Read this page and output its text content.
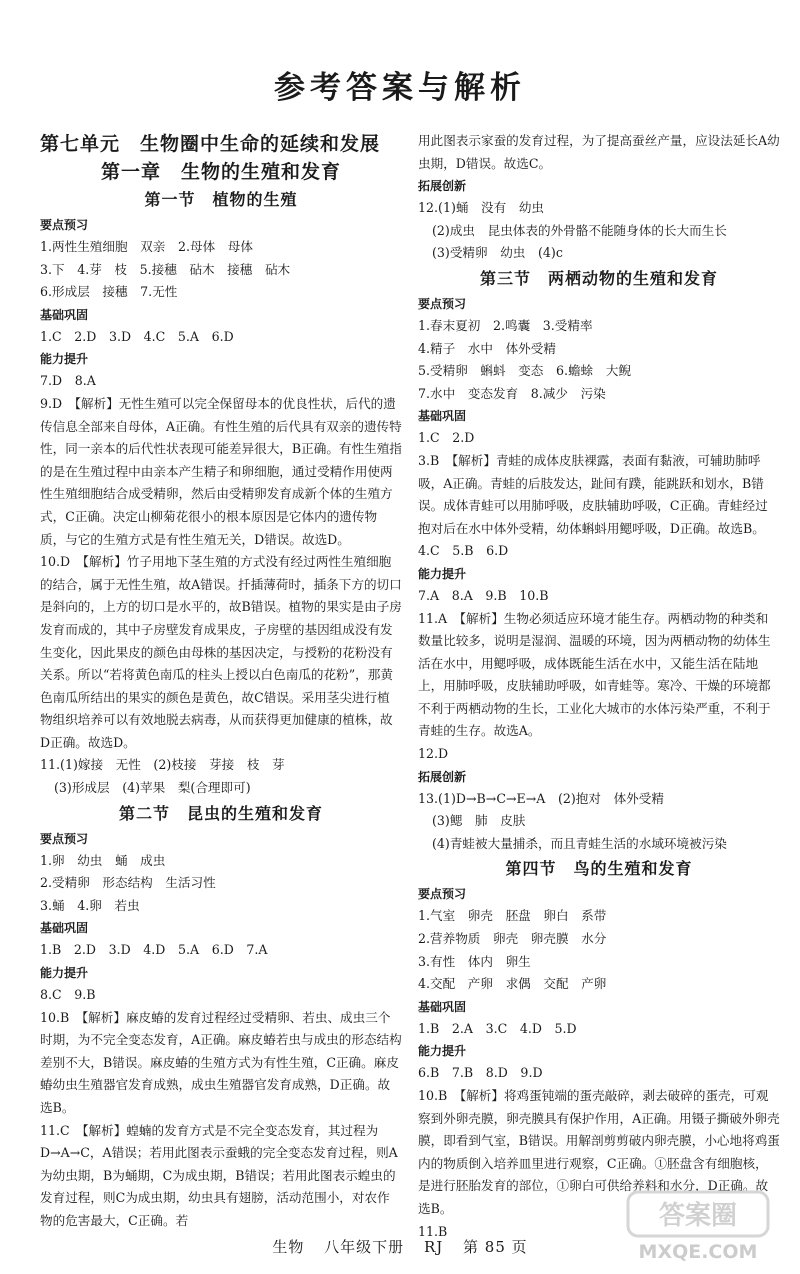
参考答案与解析
第七单元　生物圈中生命的延续和发展
第一章　生物的生殖和发育
第一节　植物的生殖
要点预习
1.两性生殖细胞　双亲　2.母体　母体
3.下　4.芽　枝　5.接穗　砧木　接穗　砧木
6.形成层　接穗　7.无性
基础巩固
1.C　2.D　3.D　4.C　5.A　6.D
能力提升
7.D　8.A
9.D　【解析】无性生殖可以完全保留母本的优良性状，后代的遗传信息全部来自母体，A正确。有性生殖的后代具有双亲的遗传特性，同一亲本的后代性状表现可能差异很大，B正确。有性生殖指的是在生殖过程中由亲本产生精子和卵细胞，通过受精作用使两性生殖细胞结合成受精卵，然后由受精卵发育成新个体的生殖方式，C正确。决定山柳菊花很小的根本原因是它体内的遗传物质，与它的生殖方式是有性生殖无关，D错误。故选D。
10.D　【解析】竹子用地下茎生殖的方式没有经过两性生殖细胞的结合，属于无性生殖，故A错误。扦插薄荷时，插条下方的切口是斜向的，上方的切口是水平的，故B错误。植物的果实是由子房发育而成的，其中子房壁发育成果皮，子房壁的基因组成没有发生变化，因此果皮的颜色由母株的基因决定，与授粉的花粉没有关系。所以“若将黄色南瓜的柱头上授以白色南瓜的花粉”，那黄色南瓜所结出的果实的颜色是黄色，故C错误。采用茎尖进行植物组织培养可以有效地脱去病毒，从而获得更加健康的植株，故D正确。故选D。
11.(1)嫁接　无性　(2)枝接　芽接　枝　芽
(3)形成层　(4)苹果　梨(合理即可)
第二节　昆虫的生殖和发育
要点预习
1.卵　幼虫　蛹　成虫
2.受精卵　形态结构　生活习性
3.蛹　4.卵　若虫
基础巩固
1.B　2.D　3.D　4.D　5.A　6.D　7.A
能力提升
8.C　9.B
10.B　【解析】麻皮蝽的发育过程经过受精卵、若虫、成虫三个时期，为不完全变态发育，A正确。麻皮蝽若虫与成虫的形态结构差别不大，B错误。麻皮蝽的生殖方式为有性生殖，C正确。麻皮蝽幼虫生殖器官发育成熟，成虫生殖器官发育成熟，D正确。故选B。
11.C　【解析】蝗蝻的发育方式是不完全变态发育，其过程为D→A→C，A错误；若用此图表示蚕蛾的完全变态发育过程，则A为幼虫期，B为蛹期，C为成虫期，B错误；若用此图表示蝗虫的发育过程，则C为成虫期，幼虫具有翅膀，活动范围小，对农作物的危害最大，C正确。若
用此图表示家蚕的发育过程，为了提高蚕丝产量，应设法延长A幼虫期，D错误。故选C。
拓展创新
12.(1)蛹　没有　幼虫
(2)成虫　昆虫体表的外骨骼不能随身体的长大而生长
(3)受精卵　幼虫　(4)c
第三节　两栖动物的生殖和发育
要点预习
1.春末夏初　2.鸣囊　3.受精率
4.精子　水中　体外受精
5.受精卵　蝌蚪　变态　6.蟾蜍　大鲵
7.水中　变态发育　8.减少　污染
基础巩固
1.C　2.D
3.B　【解析】青蛙的成体皮肤裸露，表面有黏液，可辅助肺呼吸，A正确。青蛙的后肢发达，趾间有蹼，能跳跃和划水，B错误。成体青蛙可以用肺呼吸，皮肤辅助呼吸，C正确。青蛙经过抱对后在水中体外受精，幼体蝌蚪用鳃呼吸，D正确。故选B。
4.C　5.B　6.D
能力提升
7.A　8.A　9.B　10.B
11.A　【解析】生物必须适应环境才能生存。两栖动物的种类和数量比较多，说明是湿润、温暖的环境，因为两栖动物的幼体生活在水中，用鳃呼吸，成体既能生活在水中，又能生活在陆地上，用肺呼吸，皮肤辅助呼吸，如青蛙等。寒冷、干燥的环境都不利于两栖动物的生长，工业化大城市的水体污染严重，不利于青蛙的生存。故选A。
12.D
拓展创新
13.(1)D→B→C→E→A　(2)抱对　体外受精
(3)鳃　肺　皮肤
(4)青蛙被大量捕杀，而且青蛙生活的水域环境被污染
第四节　鸟的生殖和发育
要点预习
1.气室　卵壳　胚盘　卵白　系带
2.营养物质　卵壳　卵壳膜　水分
3.有性　体内　卵生
4.交配　产卵　求偶　交配　产卵
基础巩固
1.B　2.A　3.C　4.D　5.D
能力提升
6.B　7.B　8.D　9.D
10.B　【解析】将鸡蛋钝端的蛋壳敲碎，剥去破碎的蛋壳，可观察到外卵壳膜，卵壳膜具有保护作用，A正确。用镊子撕破外卵壳膜，即看到气室，B错误。用解剖剪剪破内卵壳膜，小心地将鸡蛋内的物质倒入培养皿里进行观察，C正确。①胚盘含有细胞核，是进行胚胎发育的部位，①卵白可供给养料和水分，D正确。故选B。
11.B
生物 八年级下册 RJ 第 85 页
答案圈
MXQE.COM
